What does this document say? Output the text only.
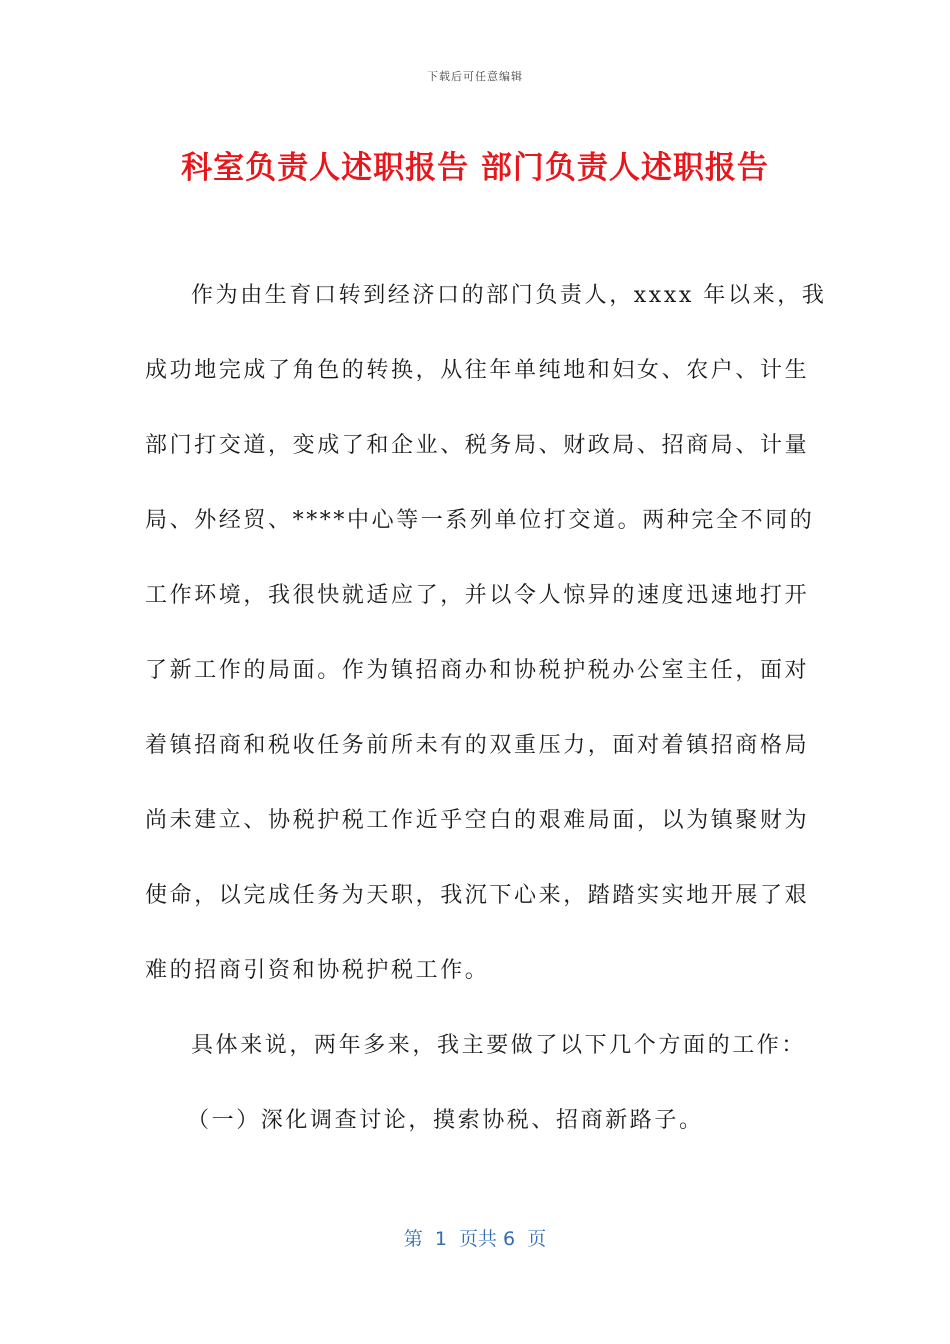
下载后可任意编辑
科室负责人述职报告 部门负责人述职报告
作为由生育口转到经济口的部门负责人，xxxx 年以来，我
成功地完成了角色的转换，从往年单纯地和妇女、农户、计生
部门打交道，变成了和企业、税务局、财政局、招商局、计量
局、外经贸、****中心等一系列单位打交道。两种完全不同的
工作环境，我很快就适应了，并以令人惊异的速度迅速地打开
了新工作的局面。作为镇招商办和协税护税办公室主任，面对
着镇招商和税收任务前所未有的双重压力，面对着镇招商格局
尚未建立、协税护税工作近乎空白的艰难局面，以为镇聚财为
使命，以完成任务为天职，我沉下心来，踏踏实实地开展了艰
难的招商引资和协税护税工作。
具体来说，两年多来，我主要做了以下几个方面的工作：
（一）深化调查讨论，摸索协税、招商新路子。
第  1  页共 6  页
